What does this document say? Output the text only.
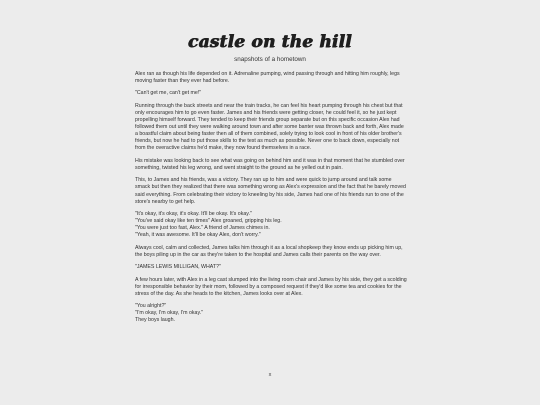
castle on the hill
snapshots of a hometown

Alex ran as though his life depended on it. Adrenaline pumping, wind passing through and hitting him roughly, legs moving faster than they ever had before.

"Can't get me, can't get me!"

Running through the back streets and near the train tracks, he can feel his heart pumping through his chest but that only encourages him to go even faster. James and his friends were getting closer, he could feel it, so he just kept propelling himself forward. They tended to keep their friends group separate but on this specific occasion Alex had followed them out until they were walking around town and after some banter was thrown back and forth, Alex made a boastful claim about being faster then all of them combined, solely trying to look cool in front of his older brother's friends, but now he had to put those skills to the test as much as possible. Never one to back down, especially not from the overactive claims he'd make, they now found themselves in a race.

His mistake was looking back to see what was going on behind him and it was in that moment that he stumbled over something, twisted his leg wrong, and went straight to the ground as he yelled out in pain.

This, to James and his friends, was a victory. They ran up to him and were quick to jump around and talk some smack but then they realized that there was something wrong as Alex's expression and the fact that he barely moved said everything. From celebrating their victory to kneeling by his side, James had one of his friends run to one of the store's nearby to get help.

"It's okay, it's okay, it's okay. It'll be okay. It's okay."
"You've said okay like ten times" Alex groaned, gripping his leg.
"You were just too fast, Alex." A friend of James chimes in.
"Yeah, it was awesome. It'll be okay Alex, don't worry."

Always cool, calm and collected, James talks him through it as a local shopkeep they know ends up picking him up, the boys piling up in the car as they're taken to the hospital and James calls their parents on the way over.

"JAMES LEWIS MILLIGAN, WHAT?"

A few hours later, with Alex in a leg cast slumped into the living room chair and James by his side, they get a scolding for irresponsible behavior by their mom, followed by a composed request if they'd like some tea and cookies for the stress of the day. As she heads to the kitchen, James looks over at Alex.

"You alright?"
"I'm okay, I'm okay, I'm okay."
They boys laugh.

x
